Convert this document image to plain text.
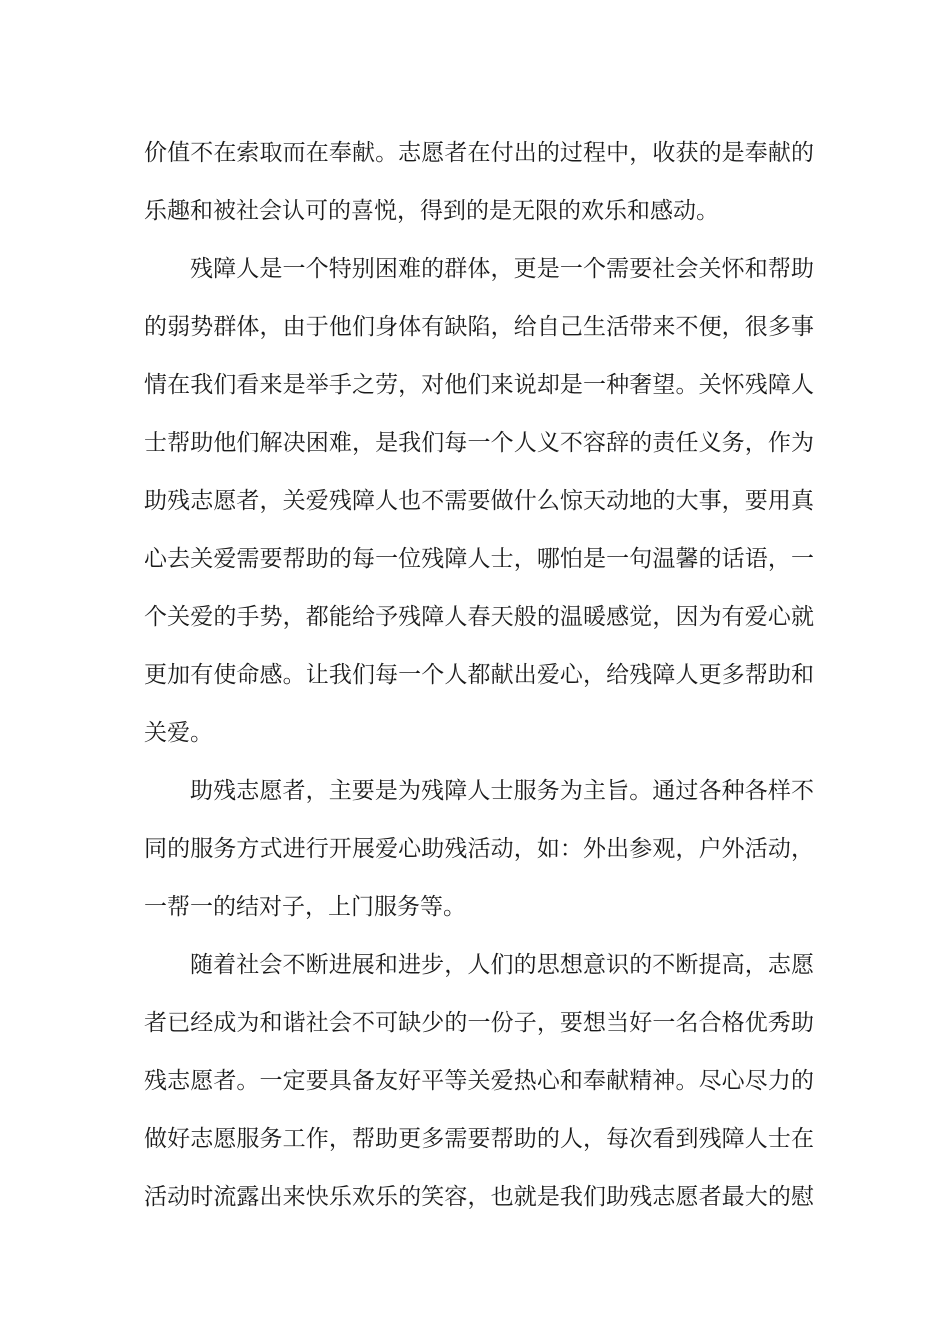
价值不在索取而在奉献。志愿者在付出的过程中，收获的是奉献的
乐趣和被社会认可的喜悦，得到的是无限的欢乐和感动。
残障人是一个特别困难的群体，更是一个需要社会关怀和帮助
的弱势群体，由于他们身体有缺陷，给自己生活带来不便，很多事
情在我们看来是举手之劳，对他们来说却是一种奢望。关怀残障人
士帮助他们解决困难，是我们每一个人义不容辞的责任义务，作为
助残志愿者，关爱残障人也不需要做什么惊天动地的大事，要用真
心去关爱需要帮助的每一位残障人士，哪怕是一句温馨的话语，一
个关爱的手势，都能给予残障人春天般的温暖感觉，因为有爱心就
更加有使命感。让我们每一个人都献出爱心，给残障人更多帮助和
关爱。
助残志愿者，主要是为残障人士服务为主旨。通过各种各样不
同的服务方式进行开展爱心助残活动，如：外出参观，户外活动，
一帮一的结对子，上门服务等。
随着社会不断进展和进步，人们的思想意识的不断提高，志愿
者已经成为和谐社会不可缺少的一份子，要想当好一名合格优秀助
残志愿者。一定要具备友好平等关爱热心和奉献精神。尽心尽力的
做好志愿服务工作，帮助更多需要帮助的人，每次看到残障人士在
活动时流露出来快乐欢乐的笑容，也就是我们助残志愿者最大的慰
